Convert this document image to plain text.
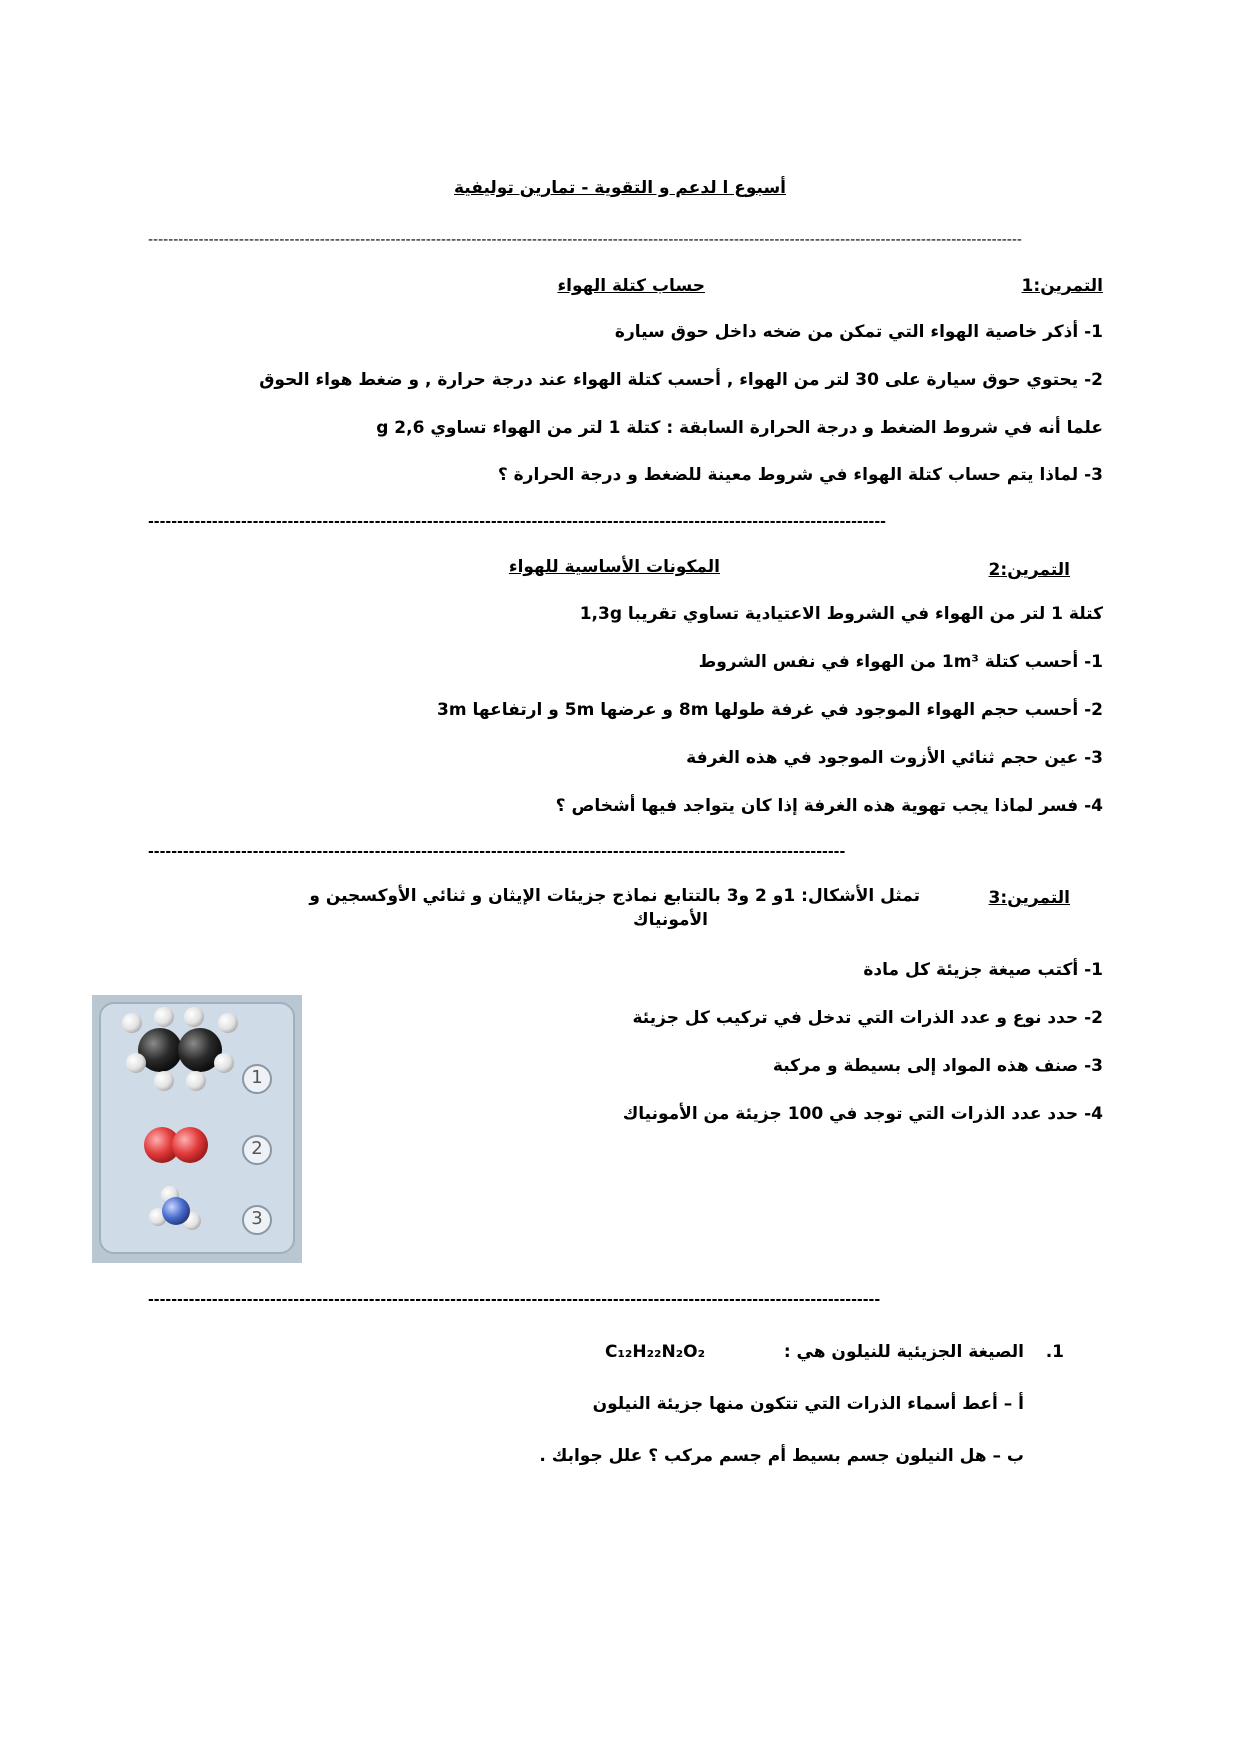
أسبوع ا لدعم و التقوية - تمارين توليفية
-----------------------------------------------------------------------------------------------------------------------------------------------------------------------------
التمرين:1
حساب كتلة الهواء
1- أذكر خاصية الهواء التي تمكن من ضخه داخل حوق سيارة
2- يحتوي حوق سيارة على 30 لتر من الهواء , أحسب كتلة الهواء عند درجة حرارة , و ضغط هواء الحوق
علما أنه في شروط الضغط و درجة الحرارة السابقة : كتلة 1 لتر من الهواء تساوي g 2,6
3- لماذا يتم حساب كتلة الهواء في شروط معينة للضغط و درجة الحرارة ؟
-------------------------------------------------------------------------------------------------------------------------------
التمرين:2
المكونات الأساسية للهواء
كتلة 1 لتر من الهواء في الشروط الاعتيادية تساوي تقريبا 1,3g
1- أحسب كتلة 1m³ من الهواء في نفس الشروط
2- أحسب حجم الهواء الموجود في غرفة طولها 8m و عرضها 5m و ارتفاعها 3m
3- عين حجم ثنائي الأزوت الموجود في هذه الغرفة
4- فسر لماذا يجب تهوية هذه الغرفة إذا كان يتواجد فيها أشخاص ؟
------------------------------------------------------------------------------------------------------------------------
التمرين:3
تمثل الأشكال: 1و 2 و3 بالتتابع نماذج جزيئات الإيثان و ثنائي الأوكسجين و
الأمونياك
1- أكتب صيغة جزيئة كل مادة
2- حدد نوع و عدد الذرات التي تدخل في تركيب كل جزيئة
3- صنف هذه المواد إلى بسيطة و مركبة
4- حدد عدد الذرات التي توجد في 100 جزيئة من الأمونياك
1
2
3
------------------------------------------------------------------------------------------------------------------------------
1.
الصيغة الجزيئية للنيلون هي :
C₁₂H₂₂N₂O₂
أ – أعط أسماء الذرات التي تتكون منها جزيئة النيلون
ب – هل النيلون جسم بسيط أم جسم مركب ؟ علل جوابك .
